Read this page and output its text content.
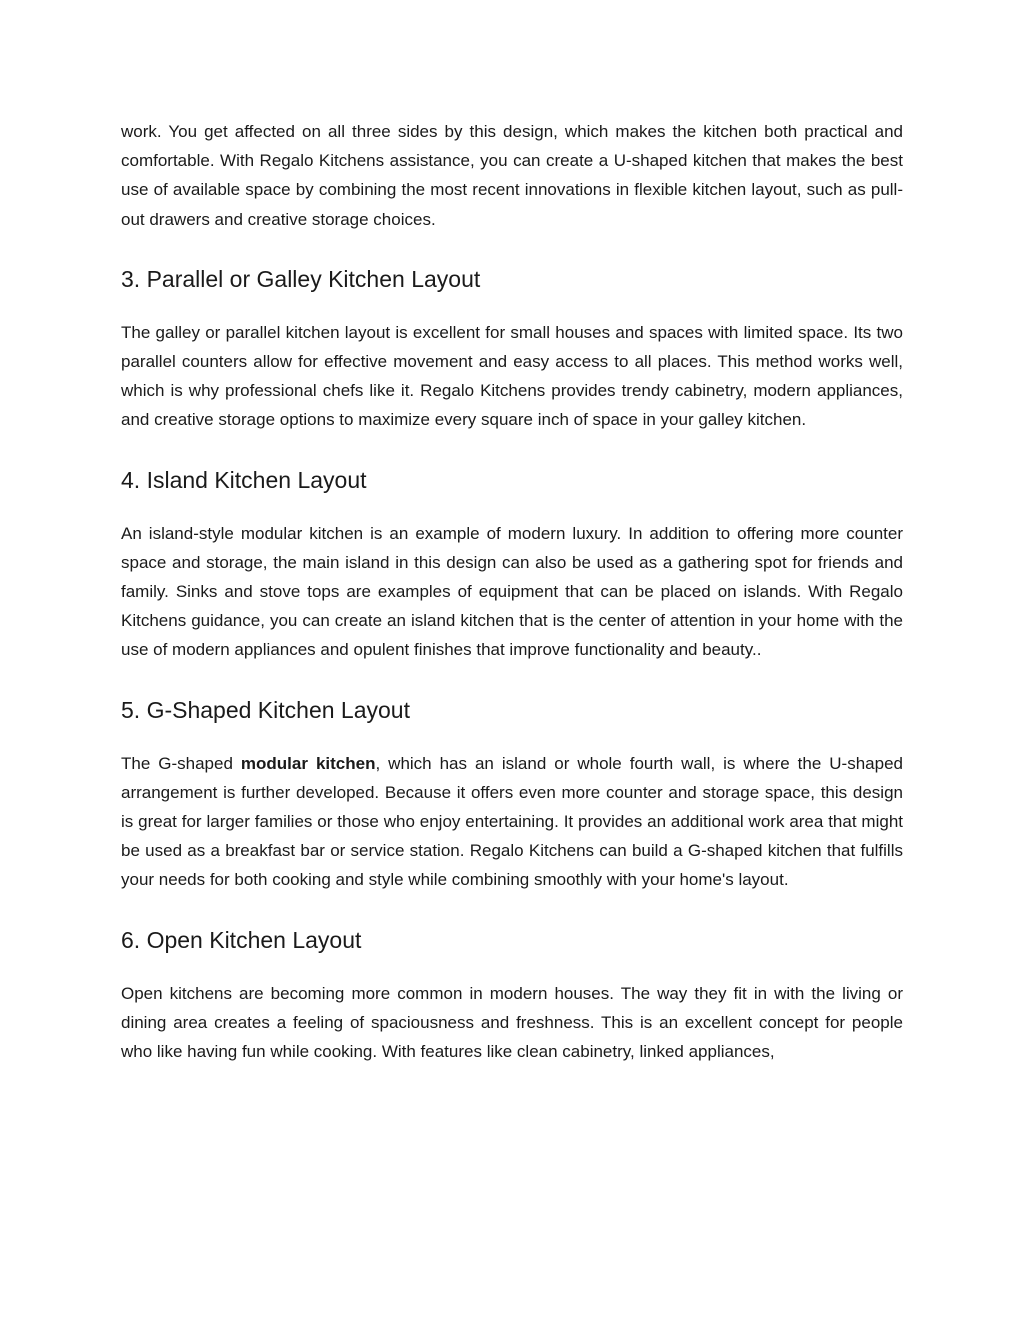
work. You get affected on all three sides by this design, which makes the kitchen both practical and comfortable. With Regalo Kitchens assistance, you can create a U-shaped kitchen that makes the best use of available space by combining the most recent innovations in flexible kitchen layout, such as pull-out drawers and creative storage choices.

3. Parallel or Galley Kitchen Layout

The galley or parallel kitchen layout is excellent for small houses and spaces with limited space. Its two parallel counters allow for effective movement and easy access to all places. This method works well, which is why professional chefs like it. Regalo Kitchens provides trendy cabinetry, modern appliances, and creative storage options to maximize every square inch of space in your galley kitchen.

4. Island Kitchen Layout

An island-style modular kitchen is an example of modern luxury. In addition to offering more counter space and storage, the main island in this design can also be used as a gathering spot for friends and family. Sinks and stove tops are examples of equipment that can be placed on islands. With Regalo Kitchens guidance, you can create an island kitchen that is the center of attention in your home with the use of modern appliances and opulent finishes that improve functionality and beauty..

5. G-Shaped Kitchen Layout

The G-shaped modular kitchen, which has an island or whole fourth wall, is where the U-shaped arrangement is further developed. Because it offers even more counter and storage space, this design is great for larger families or those who enjoy entertaining. It provides an additional work area that might be used as a breakfast bar or service station. Regalo Kitchens can build a G-shaped kitchen that fulfills your needs for both cooking and style while combining smoothly with your home's layout.

6. Open Kitchen Layout

Open kitchens are becoming more common in modern houses. The way they fit in with the living or dining area creates a feeling of spaciousness and freshness. This is an excellent concept for people who like having fun while cooking. With features like clean cabinetry, linked appliances,
